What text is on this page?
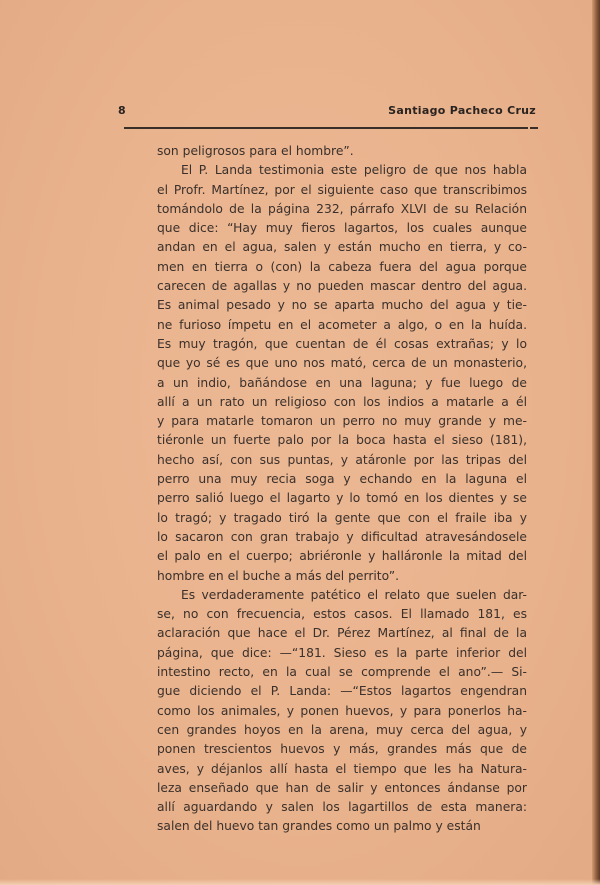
8	Santiago Pacheco Cruz
son peligrosos para el hombre”.
El P. Landa testimonia este peligro de que nos habla
el Profr. Martínez, por el siguiente caso que transcribimos
tomándolo de la página 232, párrafo XLVI de su Relación
que dice: “Hay muy fieros lagartos, los cuales aunque
andan en el agua, salen y están mucho en tierra, y co-
men en tierra o (con) la cabeza fuera del agua porque
carecen de agallas y no pueden mascar dentro del agua.
Es animal pesado y no se aparta mucho del agua y tie-
ne furioso ímpetu en el acometer a algo, o en la huída.
Es muy tragón, que cuentan de él cosas extrañas; y lo
que yo sé es que uno nos mató, cerca de un monasterio,
a un indio, bañándose en una laguna; y fue luego de
allí a un rato un religioso con los indios a matarle a él
y para matarle tomaron un perro no muy grande y me-
tiéronle un fuerte palo por la boca hasta el sieso (181),
hecho así, con sus puntas, y atáronle por las tripas del
perro una muy recia soga y echando en la laguna el
perro salió luego el lagarto y lo tomó en los dientes y se
lo tragó; y tragado tiró la gente que con el fraile iba y
lo sacaron con gran trabajo y dificultad atravesándosele
el palo en el cuerpo; abriéronle y halláronle la mitad del
hombre en el buche a más del perrito”.
Es verdaderamente patético el relato que suelen dar-
se, no con frecuencia, estos casos. El llamado 181, es
aclaración que hace el Dr. Pérez Martínez, al final de la
página, que dice: —“181. Sieso es la parte inferior del
intestino recto, en la cual se comprende el ano”.— Si-
gue diciendo el P. Landa: —“Estos lagartos engendran
como los animales, y ponen huevos, y para ponerlos ha-
cen grandes hoyos en la arena, muy cerca del agua, y
ponen trescientos huevos y más, grandes más que de
aves, y déjanlos allí hasta el tiempo que les ha Natura-
leza enseñado que han de salir y entonces ándanse por
allí aguardando y salen los lagartillos de esta manera:
salen del huevo tan grandes como un palmo y están
